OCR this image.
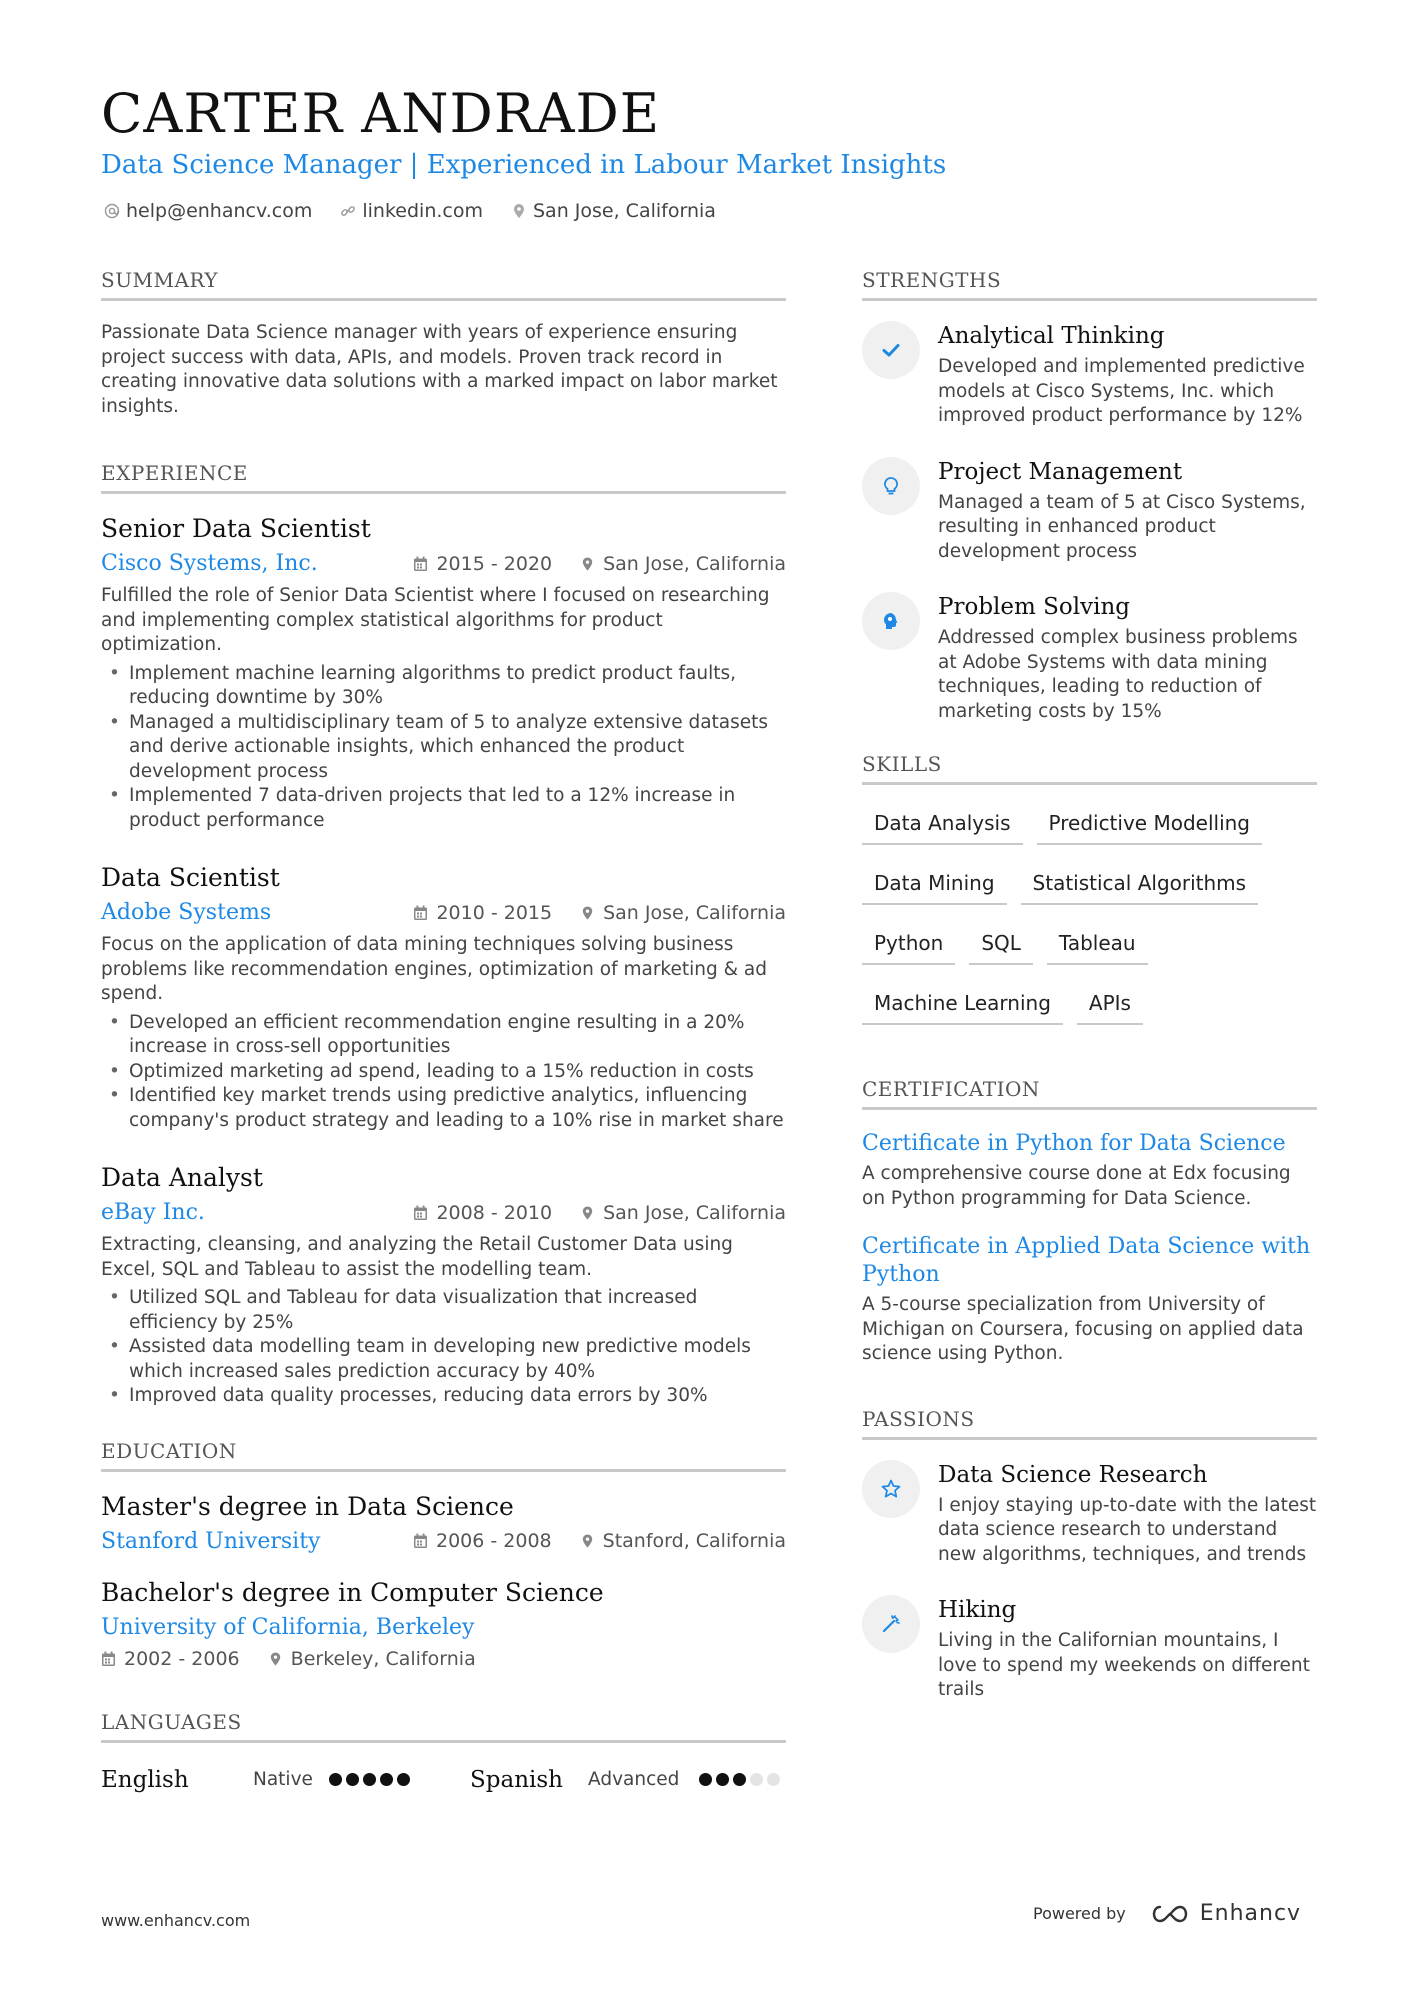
CARTER ANDRADE
Data Science Manager | Experienced in Labour Market Insights
help@enhancv.com	linkedin.com	San Jose, California
SUMMARY
Passionate Data Science manager with years of experience ensuring project success with data, APIs, and models. Proven track record in creating innovative data solutions with a marked impact on labor market insights.
EXPERIENCE
Senior Data Scientist
Cisco Systems, Inc.	2015 - 2020	San Jose, California
Fulfilled the role of Senior Data Scientist where I focused on researching and implementing complex statistical algorithms for product optimization.
• Implement machine learning algorithms to predict product faults, reducing downtime by 30%
• Managed a multidisciplinary team of 5 to analyze extensive datasets and derive actionable insights, which enhanced the product development process
• Implemented 7 data-driven projects that led to a 12% increase in product performance
Data Scientist
Adobe Systems	2010 - 2015	San Jose, California
Focus on the application of data mining techniques solving business problems like recommendation engines, optimization of marketing & ad spend.
• Developed an efficient recommendation engine resulting in a 20% increase in cross-sell opportunities
• Optimized marketing ad spend, leading to a 15% reduction in costs
• Identified key market trends using predictive analytics, influencing company's product strategy and leading to a 10% rise in market share
Data Analyst
eBay Inc.	2008 - 2010	San Jose, California
Extracting, cleansing, and analyzing the Retail Customer Data using Excel, SQL and Tableau to assist the modelling team.
• Utilized SQL and Tableau for data visualization that increased efficiency by 25%
• Assisted data modelling team in developing new predictive models which increased sales prediction accuracy by 40%
• Improved data quality processes, reducing data errors by 30%
EDUCATION
Master's degree in Data Science
Stanford University	2006 - 2008	Stanford, California
Bachelor's degree in Computer Science
University of California, Berkeley
2002 - 2006	Berkeley, California
LANGUAGES
English	Native	Spanish	Advanced
STRENGTHS
Analytical Thinking
Developed and implemented predictive models at Cisco Systems, Inc. which improved product performance by 12%
Project Management
Managed a team of 5 at Cisco Systems, resulting in enhanced product development process
Problem Solving
Addressed complex business problems at Adobe Systems with data mining techniques, leading to reduction of marketing costs by 15%
SKILLS
Data Analysis	Predictive Modelling
Data Mining	Statistical Algorithms
Python	SQL	Tableau
Machine Learning	APIs
CERTIFICATION
Certificate in Python for Data Science
A comprehensive course done at Edx focusing on Python programming for Data Science.
Certificate in Applied Data Science with Python
A 5-course specialization from University of Michigan on Coursera, focusing on applied data science using Python.
PASSIONS
Data Science Research
I enjoy staying up-to-date with the latest data science research to understand new algorithms, techniques, and trends
Hiking
Living in the Californian mountains, I love to spend my weekends on different trails
www.enhancv.com	Powered by	Enhancv
